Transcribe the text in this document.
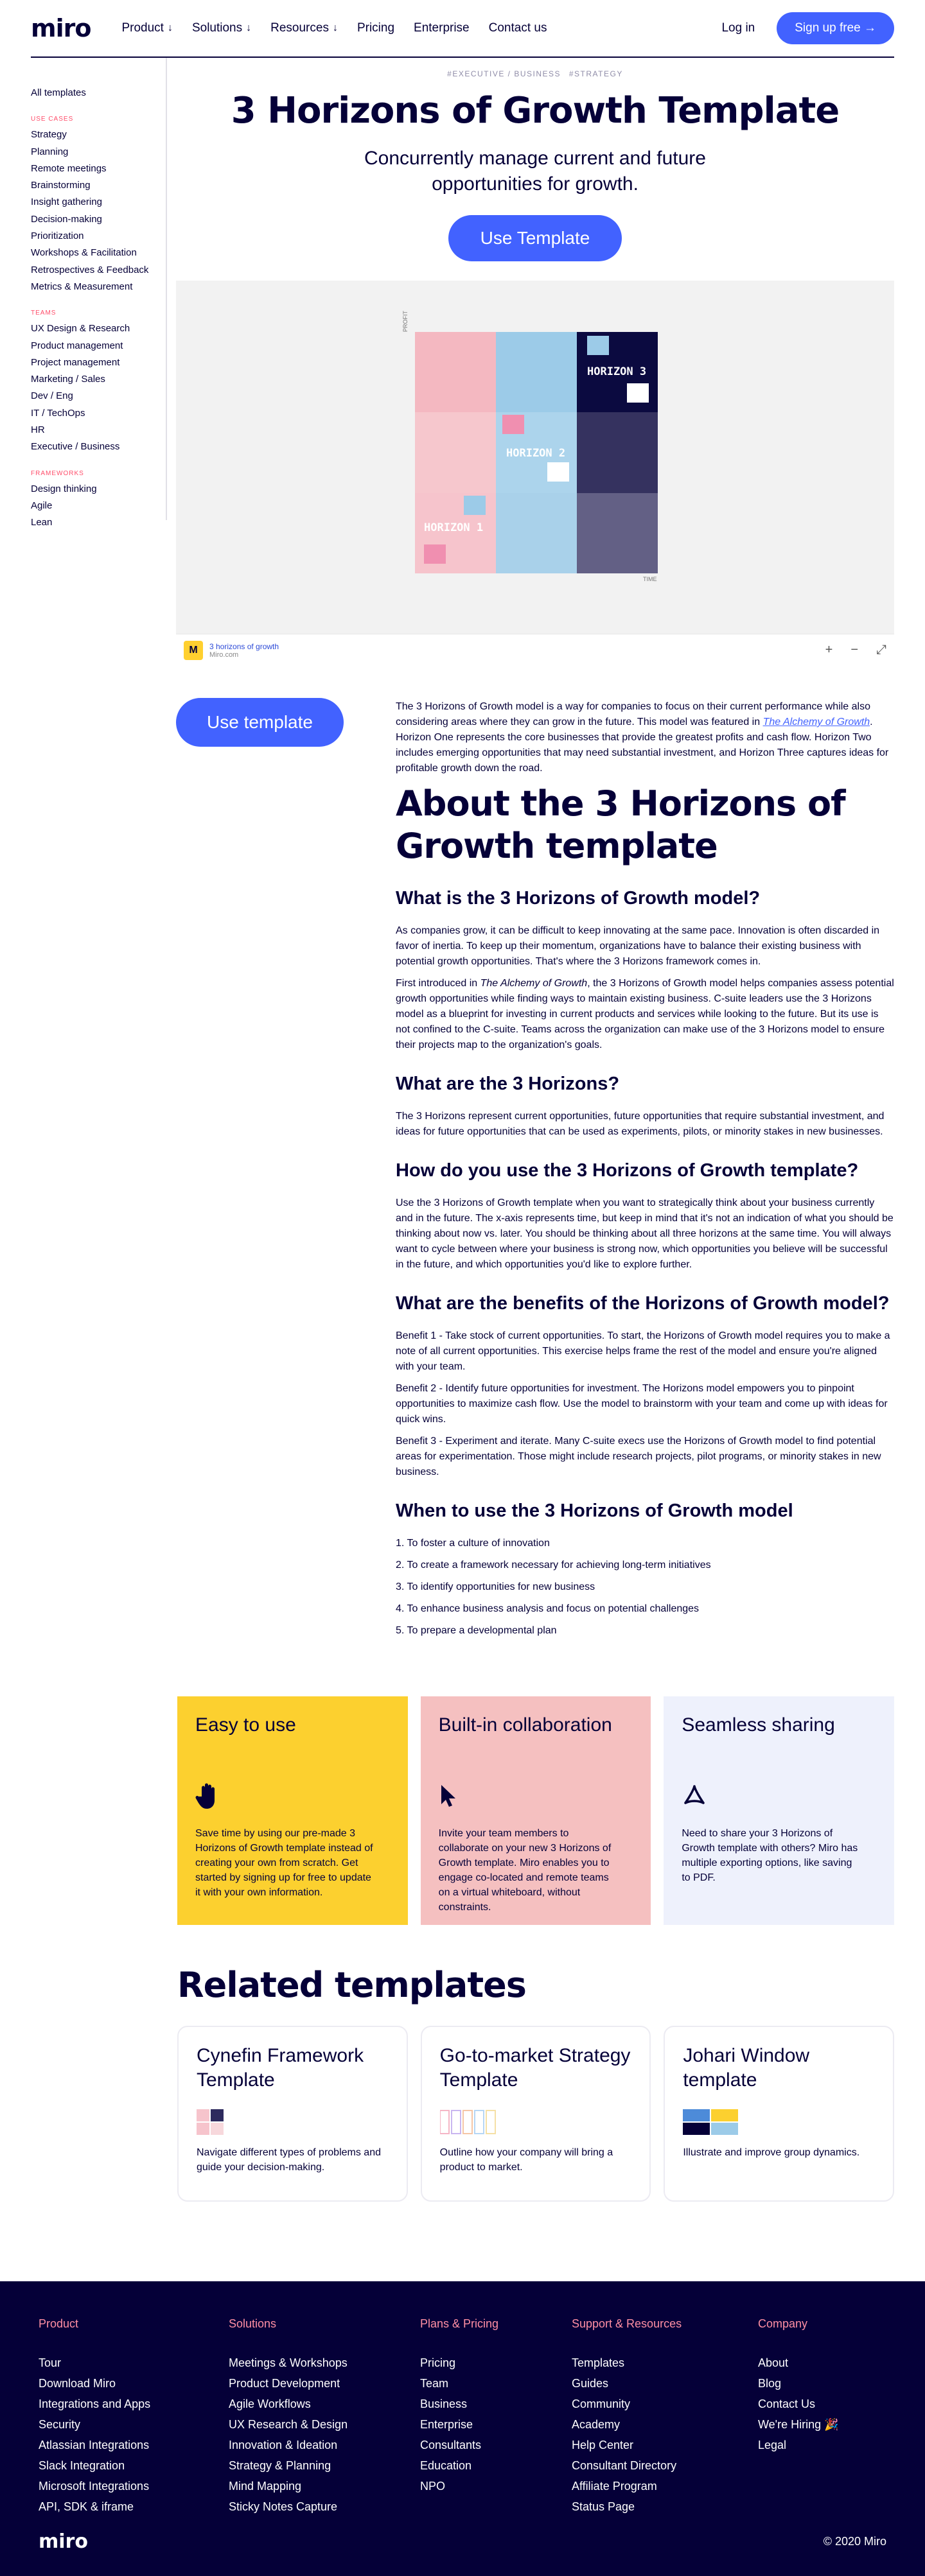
miro	Product ↓ Solutions ↓ Resources ↓ Pricing Enterprise Contact us	Log in	Sign up free →
All templates
USE CASES
Strategy
Planning
Remote meetings
Brainstorming
Insight gathering
Decision-making
Prioritization
Workshops & Facilitation
Retrospectives & Feedback
Metrics & Measurement
TEAMS
UX Design & Research
Product management
Project management
Marketing / Sales
Dev / Eng
IT / TechOps
HR
Executive / Business
FRAMEWORKS
Design thinking
Agile
Lean
#EXECUTIVE / BUSINESS #STRATEGY
3 Horizons of Growth Template

Concurrently manage current and future opportunities for growth.

Use Template
PROFIT
HORIZON 3
HORIZON 2
HORIZON 1
TIME
M	3 horizons of growth
Miro.com	+ − ⤢
Use template

The 3 Horizons of Growth model is a way for companies to focus on their current performance while also considering areas where they can grow in the future. This model was featured in The Alchemy of Growth. Horizon One represents the core businesses that provide the greatest profits and cash flow. Horizon Two includes emerging opportunities that may need substantial investment, and Horizon Three captures ideas for profitable growth down the road.

About the 3 Horizons of Growth template
What is the 3 Horizons of Growth model?

As companies grow, it can be difficult to keep innovating at the same pace. Innovation is often discarded in favor of inertia. To keep up their momentum, organizations have to balance their existing business with potential growth opportunities. That's where the 3 Horizons framework comes in.

First introduced in The Alchemy of Growth, the 3 Horizons of Growth model helps companies assess potential growth opportunities while finding ways to maintain existing business. C-suite leaders use the 3 Horizons model as a blueprint for investing in current products and services while looking to the future. But its use is not confined to the C-suite. Teams across the organization can make use of the 3 Horizons model to ensure their projects map to the organization's goals.

What are the 3 Horizons?

The 3 Horizons represent current opportunities, future opportunities that require substantial investment, and ideas for future opportunities that can be used as experiments, pilots, or minority stakes in new businesses.

How do you use the 3 Horizons of Growth template?

Use the 3 Horizons of Growth template when you want to strategically think about your business currently and in the future. The x-axis represents time, but keep in mind that it's not an indication of what you should be thinking about now vs. later. You should be thinking about all three horizons at the same time. You will always want to cycle between where your business is strong now, which opportunities you believe will be successful in the future, and which opportunities you'd like to explore further.

What are the benefits of the Horizons of Growth model?

Benefit 1 - Take stock of current opportunities. To start, the Horizons of Growth model requires you to make a note of all current opportunities. This exercise helps frame the rest of the model and ensure you're aligned with your team.

Benefit 2 - Identify future opportunities for investment. The Horizons model empowers you to pinpoint opportunities to maximize cash flow. Use the model to brainstorm with your team and come up with ideas for quick wins.

Benefit 3 - Experiment and iterate. Many C-suite execs use the Horizons of Growth model to find potential areas for experimentation. Those might include research projects, pilot programs, or minority stakes in new business.

When to use the 3 Horizons of Growth model
1. To foster a culture of innovation
2. To create a framework necessary for achieving long-term initiatives
3. To identify opportunities for new business
4. To enhance business analysis and focus on potential challenges
5. To prepare a developmental plan
Easy to use
Save time by using our pre-made 3 Horizons of Growth template instead of creating your own from scratch. Get started by signing up for free to update it with your own information.
Built-in collaboration
Invite your team members to collaborate on your new 3 Horizons of Growth template. Miro enables you to engage co-located and remote teams on a virtual whiteboard, without constraints.
Seamless sharing
Need to share your 3 Horizons of Growth template with others? Miro has multiple exporting options, like saving to PDF.
Related templates
Cynefin Framework Template
Navigate different types of problems and guide your decision-making.
Go-to-market Strategy Template
Outline how your company will bring a product to market.
Johari Window template
Illustrate and improve group dynamics.
Product
Tour
Download Miro
Integrations and Apps
Security
Atlassian Integrations
Slack Integration
Microsoft Integrations
API, SDK & iframe
Solutions
Meetings & Workshops
Product Development
Agile Workflows
UX Research & Design
Innovation & Ideation
Strategy & Planning
Mind Mapping
Sticky Notes Capture
Plans & Pricing
Pricing
Team
Business
Enterprise
Consultants
Education
NPO
Support & Resources
Templates
Guides
Community
Academy
Help Center
Consultant Directory
Affiliate Program
Status Page
Company
About
Blog
Contact Us
We're Hiring 🎉
Legal
miro	© 2020 Miro
